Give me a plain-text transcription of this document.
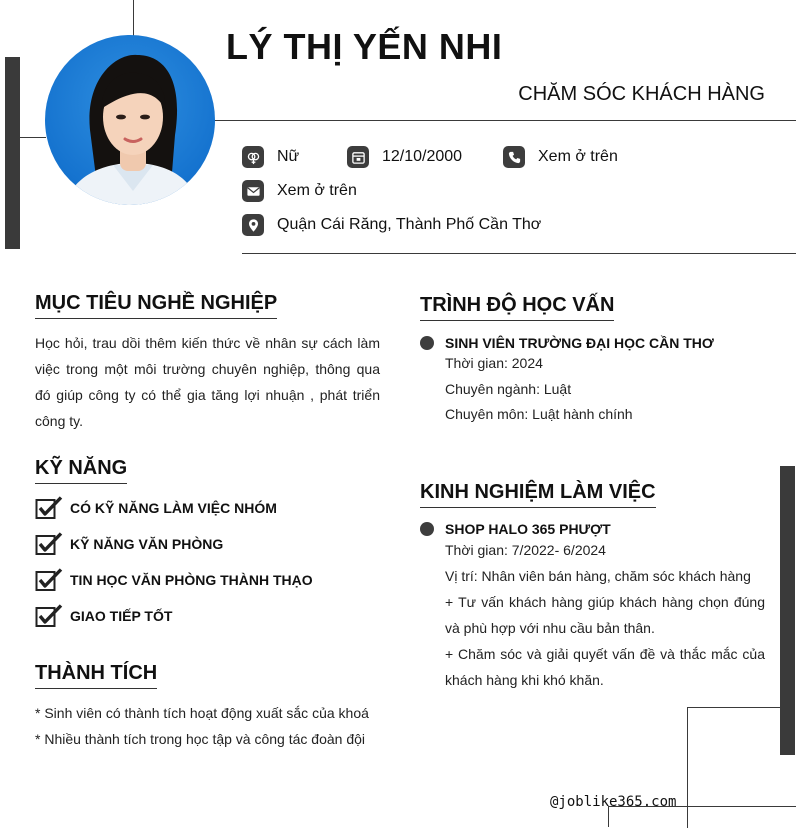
LÝ THỊ YẾN NHI
CHĂM SÓC KHÁCH HÀNG
Nữ	12/10/2000	Xem ở trên
Xem ở trên
Quận Cái Răng, Thành Phố Cần Thơ
MỤC TIÊU NGHỀ NGHIỆP

Học hỏi, trau dồi thêm kiến thức về nhân sự cách làm việc trong một môi trường chuyên nghiệp, thông qua đó giúp công ty có thể gia tăng lợi nhuận , phát triển công ty.

KỸ NĂNG
CÓ KỸ NĂNG LÀM VIỆC NHÓM
KỸ NĂNG VĂN PHÒNG
TIN HỌC VĂN PHÒNG THÀNH THẠO
GIAO TIẾP TỐT
THÀNH TÍCH

* Sinh viên có thành tích hoạt động xuất sắc của khoá

* Nhiều thành tích trong học tập và công tác đoàn đội

TRÌNH ĐỘ HỌC VẤN
SINH VIÊN TRƯỜNG ĐẠI HỌC CẦN THƠ
Thời gian: 2024
Chuyên ngành: Luật
Chuyên môn: Luật hành chính
KINH NGHIỆM LÀM VIỆC
SHOP HALO 365 PHƯỢT
Thời gian: 7/2022- 6/2024
Vị trí: Nhân viên bán hàng, chăm sóc khách hàng
+ Tư vấn khách hàng giúp khách hàng chọn đúng và phù hợp với nhu cầu bản thân.
+ Chăm sóc và giải quyết vấn đề và thắc mắc của khách hàng khi khó khăn.
@joblike365.com
